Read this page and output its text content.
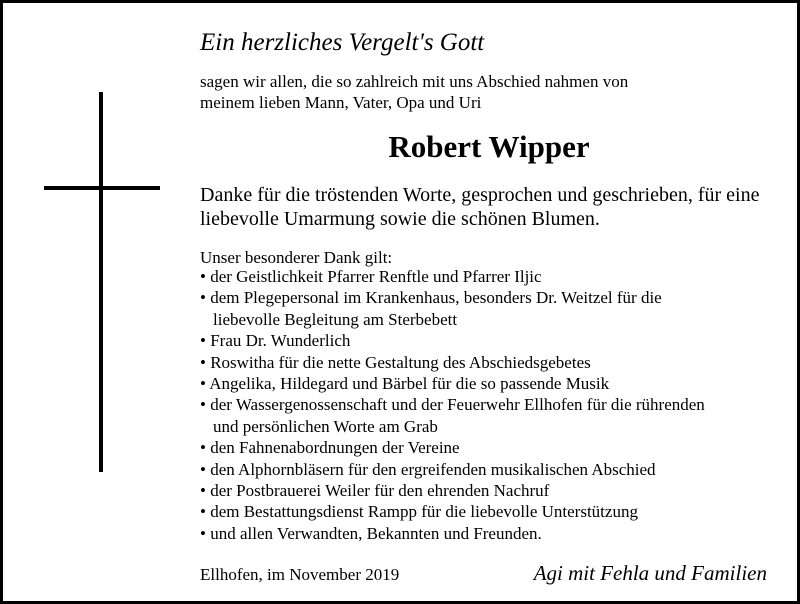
Ein herzliches Vergelt's Gott
sagen wir allen, die so zahlreich mit uns Abschied nahmen von
meinem lieben Mann, Vater, Opa und Uri
Robert Wipper
Danke für die tröstenden Worte, gesprochen und geschrieben, für eine
liebevolle Umarmung sowie die schönen Blumen.
Unser besonderer Dank gilt:
• der Geistlichkeit Pfarrer Renftle und Pfarrer Iljic
• dem Plegepersonal im Krankenhaus, besonders Dr. Weitzel für die
liebevolle Begleitung am Sterbebett
• Frau Dr. Wunderlich
• Roswitha für die nette Gestaltung des Abschiedsgebetes
• Angelika, Hildegard und Bärbel für die so passende Musik
• der Wassergenossenschaft und der Feuerwehr Ellhofen für die rührenden
und persönlichen Worte am Grab
• den Fahnenabordnungen der Vereine
• den Alphornbläsern für den ergreifenden musikalischen Abschied
• der Postbrauerei Weiler für den ehrenden Nachruf
• dem Bestattungsdienst Rampp für die liebevolle Unterstützung
• und allen Verwandten, Bekannten und Freunden.
Ellhofen, im November 2019	Agi mit Fehla und Familien
